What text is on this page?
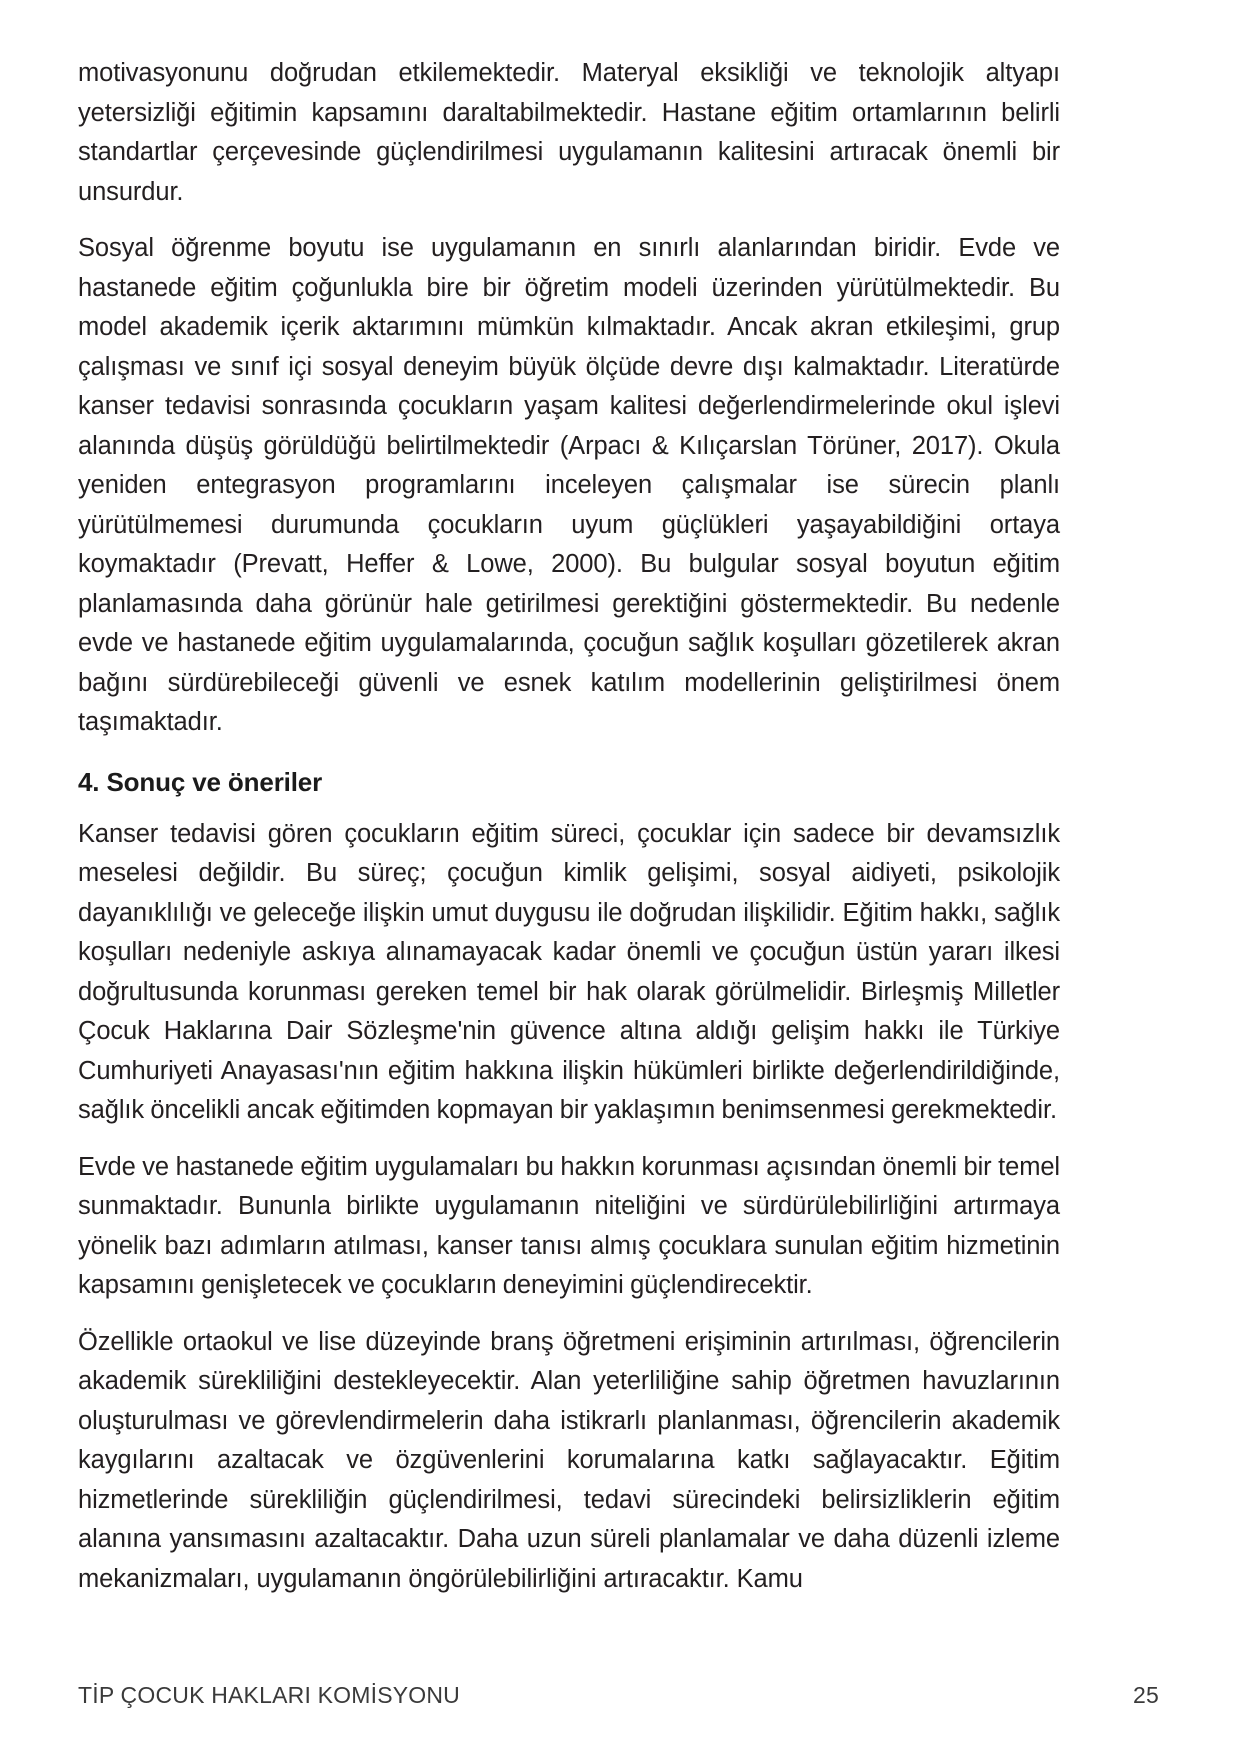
motivasyonunu doğrudan etkilemektedir. Materyal eksikliği ve teknolojik altyapı yetersizliği eğitimin kapsamını daraltabilmektedir. Hastane eğitim ortamlarının belirli standartlar çerçevesinde güçlendirilmesi uygulamanın kalitesini artıracak önemli bir unsurdur.

Sosyal öğrenme boyutu ise uygulamanın en sınırlı alanlarından biridir. Evde ve hastanede eğitim çoğunlukla bire bir öğretim modeli üzerinden yürütülmektedir. Bu model akademik içerik aktarımını mümkün kılmaktadır. Ancak akran etkileşimi, grup çalışması ve sınıf içi sosyal deneyim büyük ölçüde devre dışı kalmaktadır. Literatürde kanser tedavisi sonrasında çocukların yaşam kalitesi değerlendirmelerinde okul işlevi alanında düşüş görüldüğü belirtilmektedir (Arpacı & Kılıçarslan Törüner, 2017). Okula yeniden entegrasyon programlarını inceleyen çalışmalar ise sürecin planlı yürütülmemesi durumunda çocukların uyum güçlükleri yaşayabildiğini ortaya koymaktadır (Prevatt, Heffer & Lowe, 2000). Bu bulgular sosyal boyutun eğitim planlamasında daha görünür hale getirilmesi gerektiğini göstermektedir. Bu nedenle evde ve hastanede eğitim uygulamalarında, çocuğun sağlık koşulları gözetilerek akran bağını sürdürebileceği güvenli ve esnek katılım modellerinin geliştirilmesi önem taşımaktadır.

4. Sonuç ve öneriler

Kanser tedavisi gören çocukların eğitim süreci, çocuklar için sadece bir devamsızlık meselesi değildir. Bu süreç; çocuğun kimlik gelişimi, sosyal aidiyeti, psikolojik dayanıklılığı ve geleceğe ilişkin umut duygusu ile doğrudan ilişkilidir. Eğitim hakkı, sağlık koşulları nedeniyle askıya alınamayacak kadar önemli ve çocuğun üstün yararı ilkesi doğrultusunda korunması gereken temel bir hak olarak görülmelidir. Birleşmiş Milletler Çocuk Haklarına Dair Sözleşme'nin güvence altına aldığı gelişim hakkı ile Türkiye Cumhuriyeti Anayasası'nın eğitim hakkına ilişkin hükümleri birlikte değerlendirildiğinde, sağlık öncelikli ancak eğitimden kopmayan bir yaklaşımın benimsenmesi gerekmektedir.

Evde ve hastanede eğitim uygulamaları bu hakkın korunması açısından önemli bir temel sunmaktadır. Bununla birlikte uygulamanın niteliğini ve sürdürülebilirliğini artırmaya yönelik bazı adımların atılması, kanser tanısı almış çocuklara sunulan eğitim hizmetinin kapsamını genişletecek ve çocukların deneyimini güçlendirecektir.

Özellikle ortaokul ve lise düzeyinde branş öğretmeni erişiminin artırılması, öğrencilerin akademik sürekliliğini destekleyecektir. Alan yeterliliğine sahip öğretmen havuzlarının oluşturulması ve görevlendirmelerin daha istikrarlı planlanması, öğrencilerin akademik kaygılarını azaltacak ve özgüvenlerini korumalarına katkı sağlayacaktır. Eğitim hizmetlerinde sürekliliğin güçlendirilmesi, tedavi sürecindeki belirsizliklerin eğitim alanına yansımasını azaltacaktır. Daha uzun süreli planlamalar ve daha düzenli izleme mekanizmaları, uygulamanın öngörülebilirliğini artıracaktır. Kamu

TİP ÇOCUK HAKLARI KOMİSYONU	25
